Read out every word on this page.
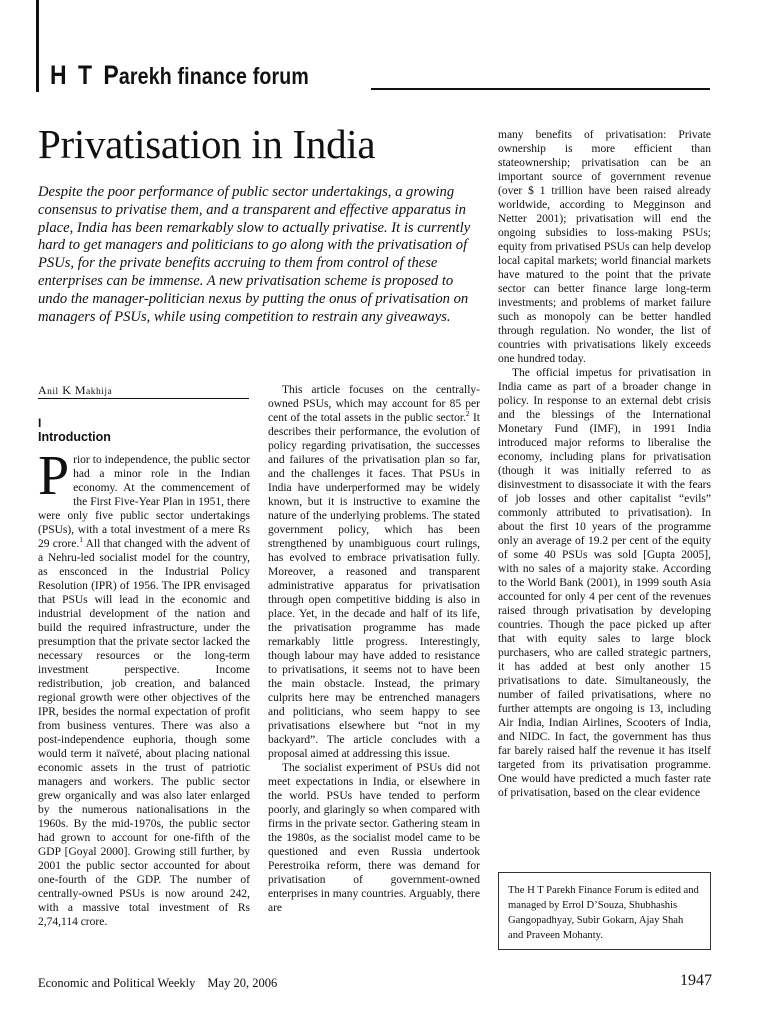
H T Parekh finance forum
Privatisation in India

Despite the poor performance of public sector undertakings, a growing consensus to privatise them, and a transparent and effective apparatus in place, India has been remarkably slow to actually privatise. It is currently hard to get managers and politicians to go along with the privatisation of PSUs, for the private benefits accruing to them from control of these enterprises can be immense. A new privatisation scheme is proposed to undo the manager-politician nexus by putting the onus of privatisation on managers of PSUs, while using competition to restrain any giveaways.

Anil K Makhija
I
Introduction

Prior to independence, the public sector had a minor role in the Indian economy. At the commencement of the First Five-Year Plan in 1951, there were only five public sector undertakings (PSUs), with a total investment of a mere Rs 29 crore.$^1$ All that changed with the advent of a Nehru-led socialist model for the country, as ensconced in the Industrial Policy Resolution (IPR) of 1956. The IPR envisaged that PSUs will lead in the economic and industrial development of the nation and build the required infrastructure, under the presumption that the private sector lacked the necessary resources or the long-term investment perspective. Income redistribution, job creation, and balanced regional growth were other objectives of the IPR, besides the normal expectation of profit from business ventures. There was also a post-independence euphoria, though some would term it naïveté, about placing national economic assets in the trust of patriotic managers and workers. The public sector grew organically and was also later enlarged by the numerous nationalisations in the 1960s. By the mid-1970s, the public sector had grown to account for one-fifth of the GDP [Goyal 2000]. Growing still further, by 2001 the public sector accounted for about one-fourth of the GDP. The number of centrally-owned PSUs is now around 242, with a massive total investment of Rs 2,74,114 crore.

This article focuses on the centrally-owned PSUs, which may account for 85 per cent of the total assets in the public sector.$^2$ It describes their performance, the evolution of policy regarding privatisation, the successes and failures of the privatisation plan so far, and the challenges it faces. That PSUs in India have underperformed may be widely known, but it is instructive to examine the nature of the underlying problems. The stated government policy, which has been strengthened by unambiguous court rulings, has evolved to embrace privatisation fully. Moreover, a reasoned and transparent administrative apparatus for privatisation through open competitive bidding is also in place. Yet, in the decade and half of its life, the privatisation programme has made remarkably little progress. Interestingly, though labour may have added to resistance to privatisations, it seems not to have been the main obstacle. Instead, the primary culprits here may be entrenched managers and politicians, who seem happy to see privatisations elsewhere but “not in my backyard”. The article concludes with a proposal aimed at addressing this issue.

The socialist experiment of PSUs did not meet expectations in India, or elsewhere in the world. PSUs have tended to perform poorly, and glaringly so when compared with firms in the private sector. Gathering steam in the 1980s, as the socialist model came to be questioned and even Russia undertook Perestroika reform, there was demand for privatisation of government-owned enterprises in many countries. Arguably, there are

many benefits of privatisation: Private ownership is more efficient than stateownership; privatisation can be an important source of government revenue (over $ 1 trillion have been raised already worldwide, according to Megginson and Netter 2001); privatisation will end the ongoing subsidies to loss-making PSUs; equity from privatised PSUs can help develop local capital markets; world financial markets have matured to the point that the private sector can better finance large long-term investments; and problems of market failure such as monopoly can be better handled through regulation. No wonder, the list of countries with privatisations likely exceeds one hundred today.

The official impetus for privatisation in India came as part of a broader change in policy. In response to an external debt crisis and the blessings of the International Monetary Fund (IMF), in 1991 India introduced major reforms to liberalise the economy, including plans for privatisation (though it was initially referred to as disinvestment to disassociate it with the fears of job losses and other capitalist “evils” commonly attributed to privatisation). In about the first 10 years of the programme only an average of 19.2 per cent of the equity of some 40 PSUs was sold [Gupta 2005], with no sales of a majority stake. According to the World Bank (2001), in 1999 south Asia accounted for only 4 per cent of the revenues raised through privatisation by developing countries. Though the pace picked up after that with equity sales to large block purchasers, who are called strategic partners, it has added at best only another 15 privatisations to date. Simultaneously, the number of failed privatisations, where no further attempts are ongoing is 13, including Air India, Indian Airlines, Scooters of India, and NIDC. In fact, the government has thus far barely raised half the revenue it has itself targeted from its privatisation programme. One would have predicted a much faster rate of privatisation, based on the clear evidence

The H T Parekh Finance Forum is edited and managed by Errol D’Souza, Shubhashis Gangopadhyay, Subir Gokarn, Ajay Shah and Praveen Mohanty.

Economic and Political Weekly May 20, 2006	1947
